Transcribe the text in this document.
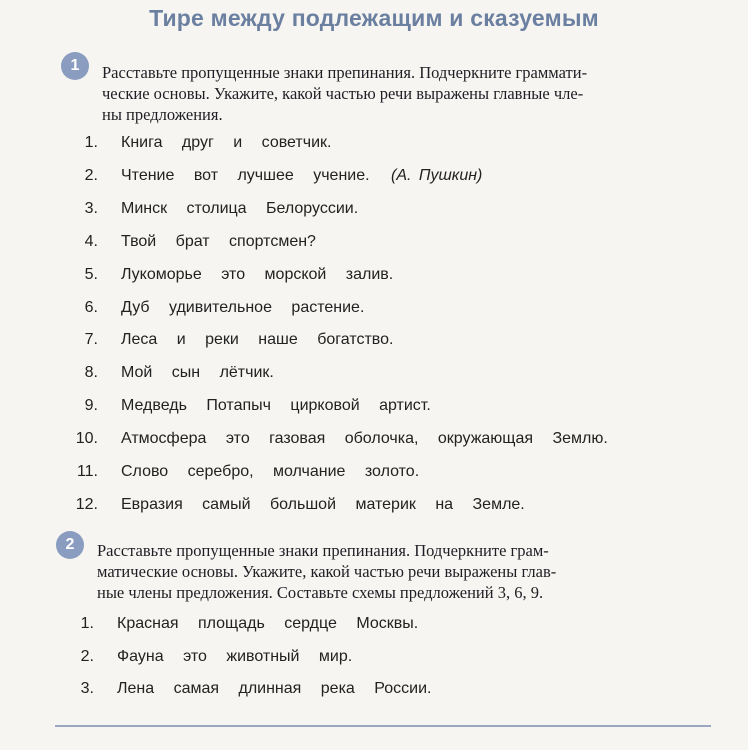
Тире между подлежащим и сказуемым
1	Расставьте пропущенные знаки препинания. Подчеркните граммати-
ческие основы. Укажите, какой частью речи выражены главные чле-
ны предложения.
1. Книга друг и советчик.
2. Чтение вот лучшее учение. (А. Пушкин)
3. Минск столица Белоруссии.
4. Твой брат спортсмен?
5. Лукоморье это морской залив.
6. Дуб удивительное растение.
7. Леса и реки наше богатство.
8. Мой сын лётчик.
9. Медведь Потапыч цирковой артист.
10. Атмосфера это газовая оболочка, окружающая Землю.
11. Слово серебро, молчание золото.
12. Евразия самый большой материк на Земле.
2	Расставьте пропущенные знаки препинания. Подчеркните грам-
матические основы. Укажите, какой частью речи выражены глав-
ные члены предложения. Составьте схемы предложений 3, 6, 9.
1. Красная площадь сердце Москвы.
2. Фауна это животный мир.
3. Лена самая длинная река России.
